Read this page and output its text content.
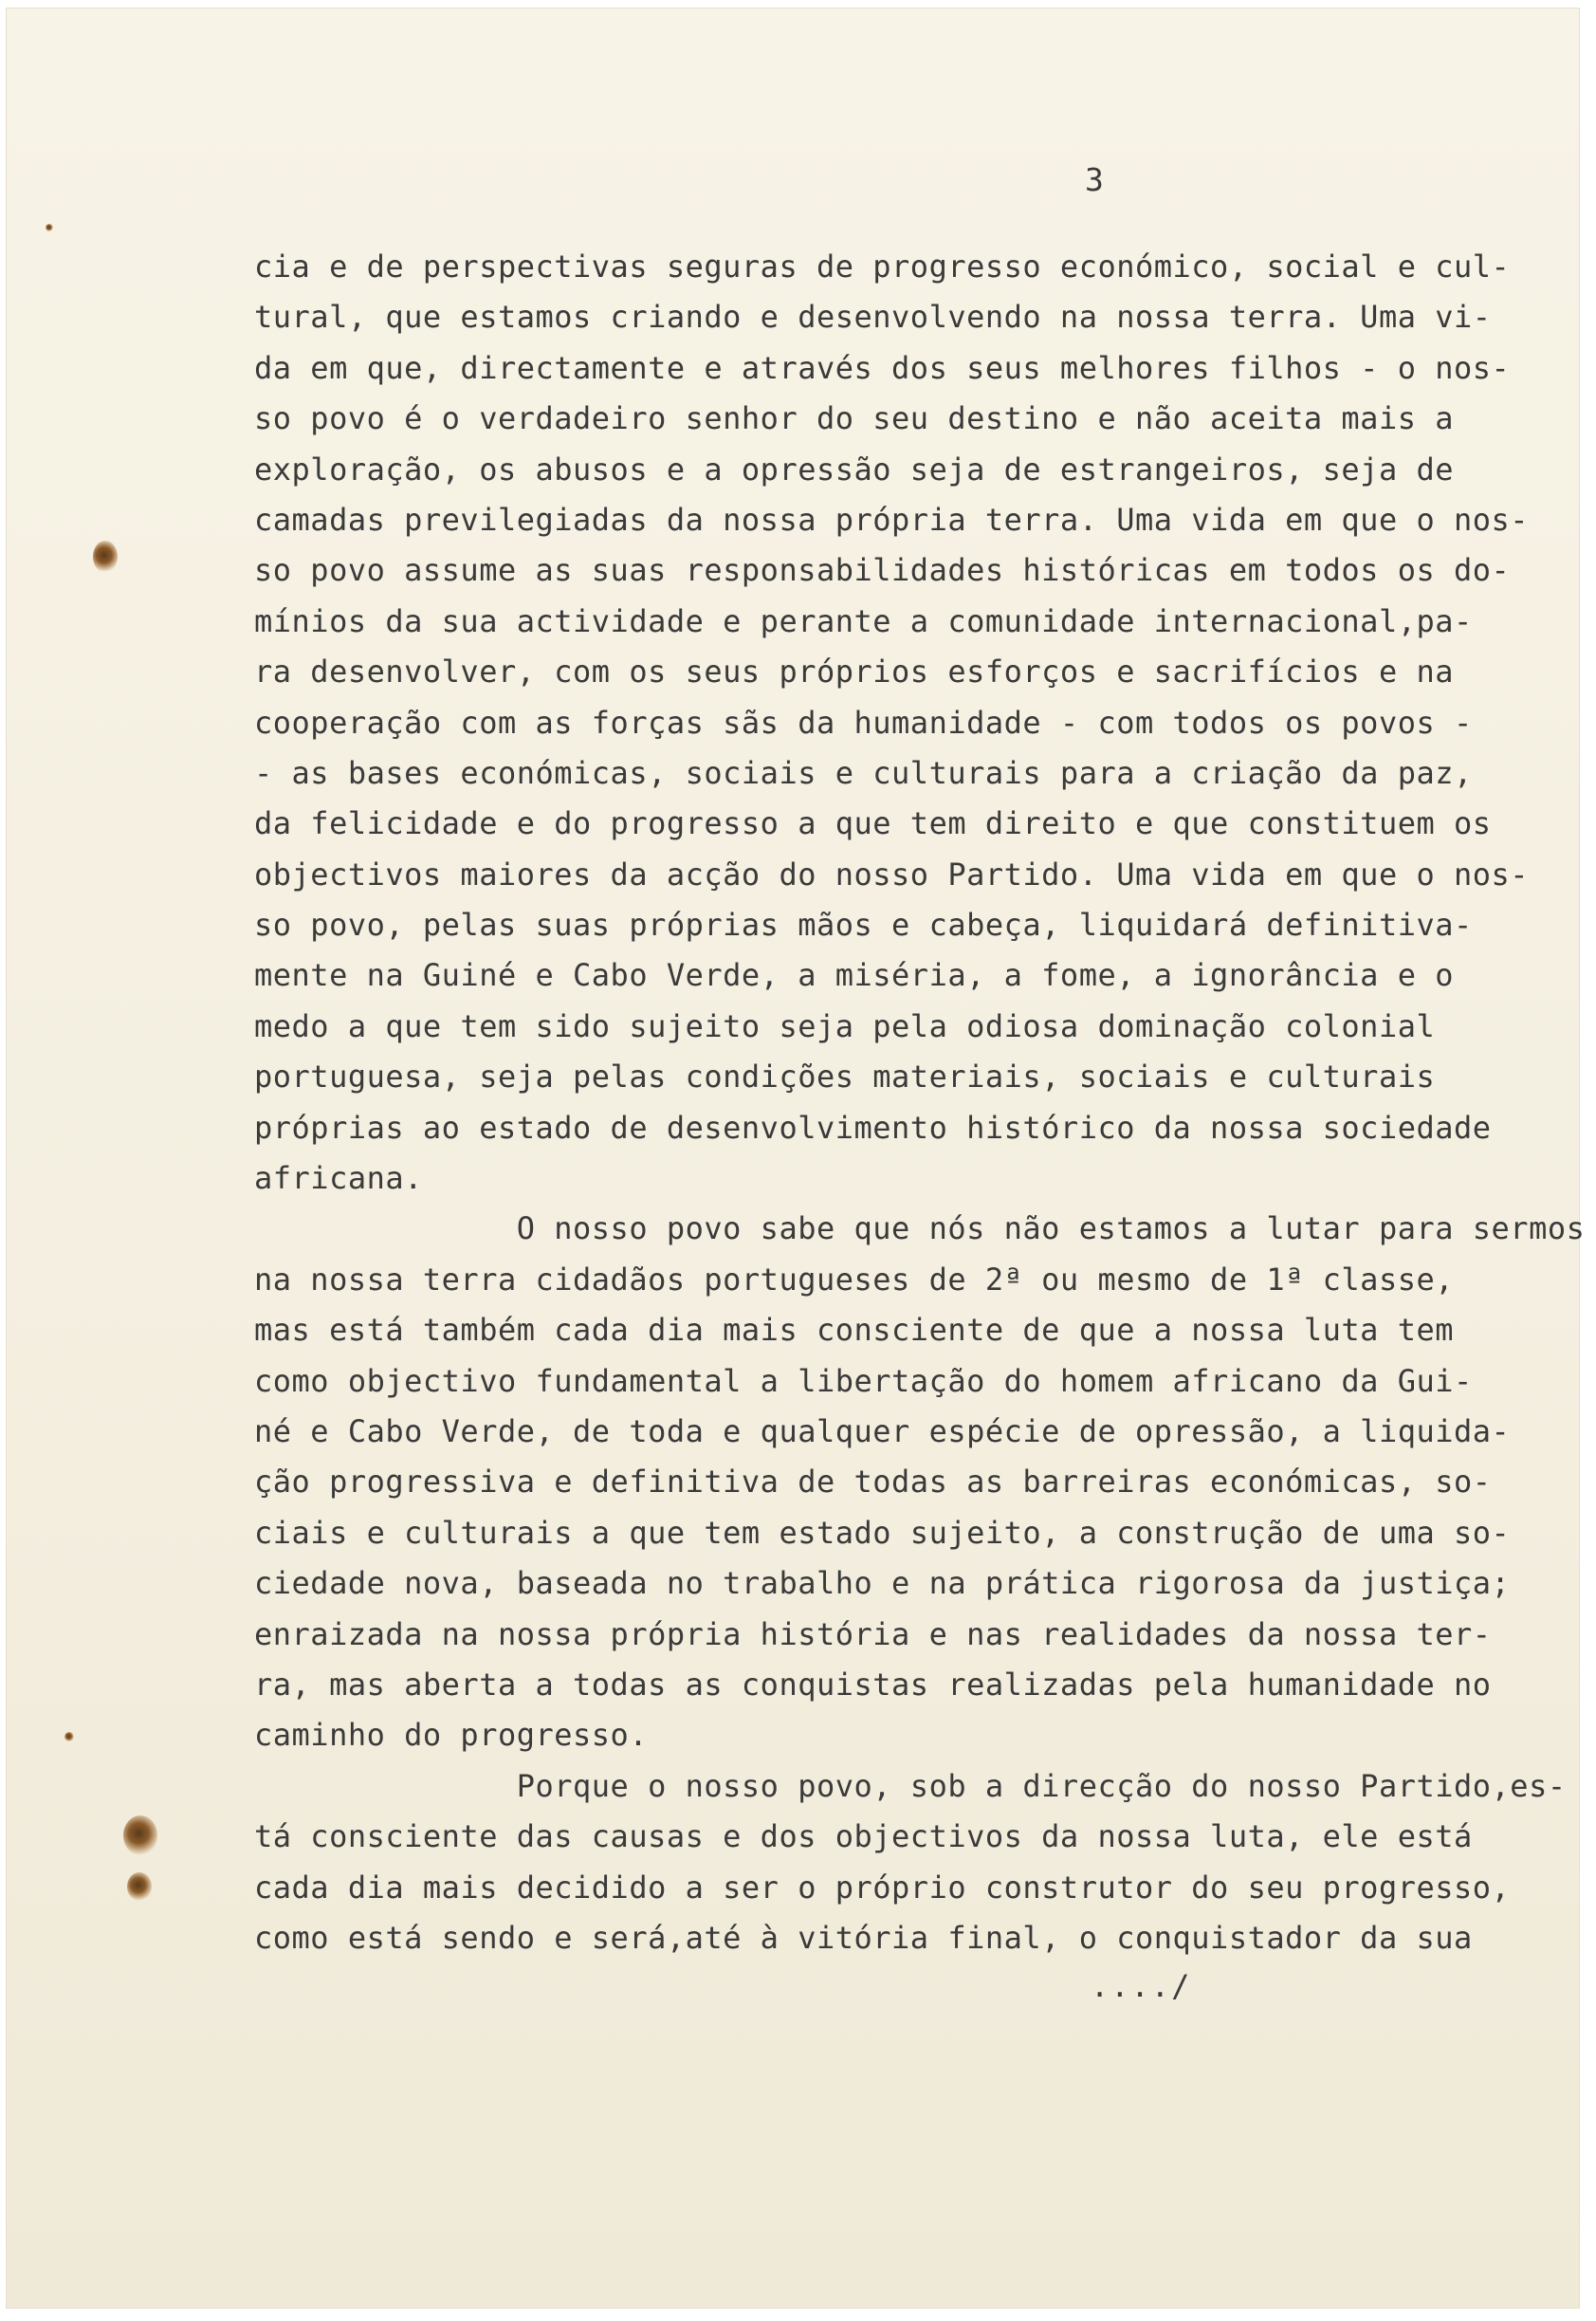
3
cia e de perspectivas seguras de progresso económico, social e cul-
tural, que estamos criando e desenvolvendo na nossa terra. Uma vi-
da em que, directamente e através dos seus melhores filhos - o nos-
so povo é o verdadeiro senhor do seu destino e não aceita mais a
exploração, os abusos e a opressão seja de estrangeiros, seja de
camadas previlegiadas da nossa própria terra. Uma vida em que o nos-
so povo assume as suas responsabilidades históricas em todos os do-
mínios da sua actividade e perante a comunidade internacional,pa-
ra desenvolver, com os seus próprios esforços e sacrifícios e na
cooperação com as forças sãs da humanidade - com todos os povos -
- as bases económicas, sociais e culturais para a criação da paz,
da felicidade e do progresso a que tem direito e que constituem os
objectivos maiores da acção do nosso Partido. Uma vida em que o nos-
so povo, pelas suas próprias mãos e cabeça, liquidará definitiva-
mente na Guiné e Cabo Verde, a miséria, a fome, a ignorância e o
medo a que tem sido sujeito seja pela odiosa dominação colonial
portuguesa, seja pelas condições materiais, sociais e culturais
próprias ao estado de desenvolvimento histórico da nossa sociedade
africana.
O nosso povo sabe que nós não estamos a lutar para sermos
na nossa terra cidadãos portugueses de 2ª ou mesmo de 1ª classe,
mas está também cada dia mais consciente de que a nossa luta tem
como objectivo fundamental a libertação do homem africano da Gui-
né e Cabo Verde, de toda e qualquer espécie de opressão, a liquida-
ção progressiva e definitiva de todas as barreiras económicas, so-
ciais e culturais a que tem estado sujeito, a construção de uma so-
ciedade nova, baseada no trabalho e na prática rigorosa da justiça;
enraizada na nossa própria história e nas realidades da nossa ter-
ra, mas aberta a todas as conquistas realizadas pela humanidade no
caminho do progresso.
Porque o nosso povo, sob a direcção do nosso Partido,es-
tá consciente das causas e dos objectivos da nossa luta, ele está
cada dia mais decidido a ser o próprio construtor do seu progresso,
como está sendo e será,até à vitória final, o conquistador da sua
..../
